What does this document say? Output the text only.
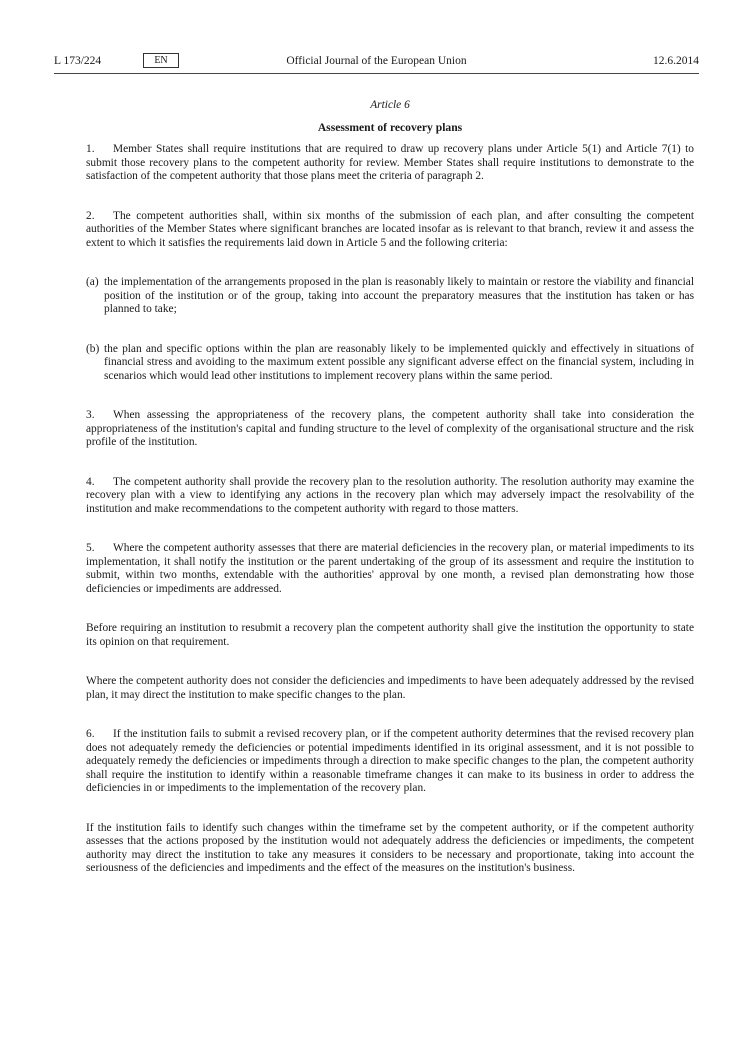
L 173/224	EN	Official Journal of the European Union	12.6.2014
Article 6
Assessment of recovery plans

1. Member States shall require institutions that are required to draw up recovery plans under Article 5(1) and Article 7(1) to submit those recovery plans to the competent authority for review. Member States shall require institutions to demonstrate to the satisfaction of the competent authority that those plans meet the criteria of paragraph 2.

2. The competent authorities shall, within six months of the submission of each plan, and after consulting the competent authorities of the Member States where significant branches are located insofar as is relevant to that branch, review it and assess the extent to which it satisfies the requirements laid down in Article 5 and the following criteria:

(a) the implementation of the arrangements proposed in the plan is reasonably likely to maintain or restore the viability and financial position of the institution or of the group, taking into account the preparatory measures that the institution has taken or has planned to take;
(b) the plan and specific options within the plan are reasonably likely to be implemented quickly and effectively in situations of financial stress and avoiding to the maximum extent possible any significant adverse effect on the financial system, including in scenarios which would lead other institutions to implement recovery plans within the same period.

3. When assessing the appropriateness of the recovery plans, the competent authority shall take into consideration the appropriateness of the institution's capital and funding structure to the level of complexity of the organisational structure and the risk profile of the institution.

4. The competent authority shall provide the recovery plan to the resolution authority. The resolution authority may examine the recovery plan with a view to identifying any actions in the recovery plan which may adversely impact the resolvability of the institution and make recommendations to the competent authority with regard to those matters.

5. Where the competent authority assesses that there are material deficiencies in the recovery plan, or material impediments to its implementation, it shall notify the institution or the parent undertaking of the group of its assessment and require the institution to submit, within two months, extendable with the authorities' approval by one month, a revised plan demonstrating how those deficiencies or impediments are addressed.

Before requiring an institution to resubmit a recovery plan the competent authority shall give the institution the opportunity to state its opinion on that requirement.

Where the competent authority does not consider the deficiencies and impediments to have been adequately addressed by the revised plan, it may direct the institution to make specific changes to the plan.

6. If the institution fails to submit a revised recovery plan, or if the competent authority determines that the revised recovery plan does not adequately remedy the deficiencies or potential impediments identified in its original assessment, and it is not possible to adequately remedy the deficiencies or impediments through a direction to make specific changes to the plan, the competent authority shall require the institution to identify within a reasonable timeframe changes it can make to its business in order to address the deficiencies in or impediments to the implementation of the recovery plan.

If the institution fails to identify such changes within the timeframe set by the competent authority, or if the competent authority assesses that the actions proposed by the institution would not adequately address the deficiencies or impediments, the competent authority may direct the institution to take any measures it considers to be necessary and proportionate, taking into account the seriousness of the deficiencies and impediments and the effect of the measures on the institution's business.
